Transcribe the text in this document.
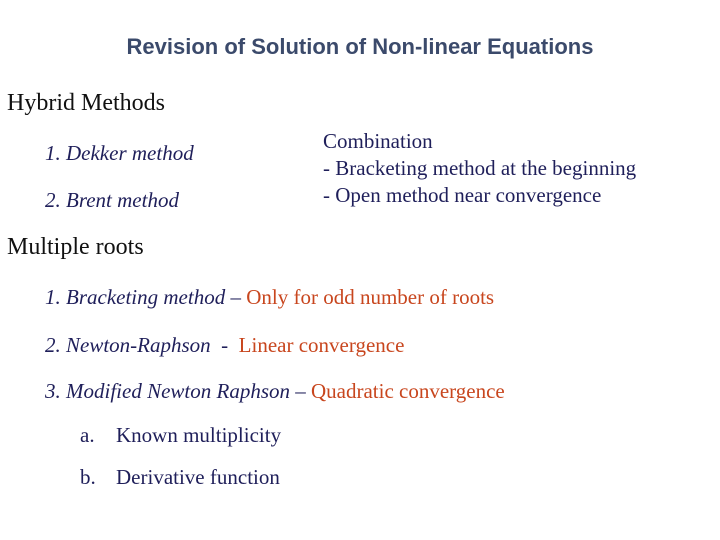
Revision of Solution of Non-linear Equations
Hybrid Methods
1. Dekker method
2. Brent method
Combination
- Bracketing method at the beginning
- Open method near convergence
Multiple roots
1. Bracketing method – Only for odd number of roots
2. Newton-Raphson  -  Linear convergence
3. Modified Newton Raphson – Quadratic convergence
a. Known multiplicity
b. Derivative function
